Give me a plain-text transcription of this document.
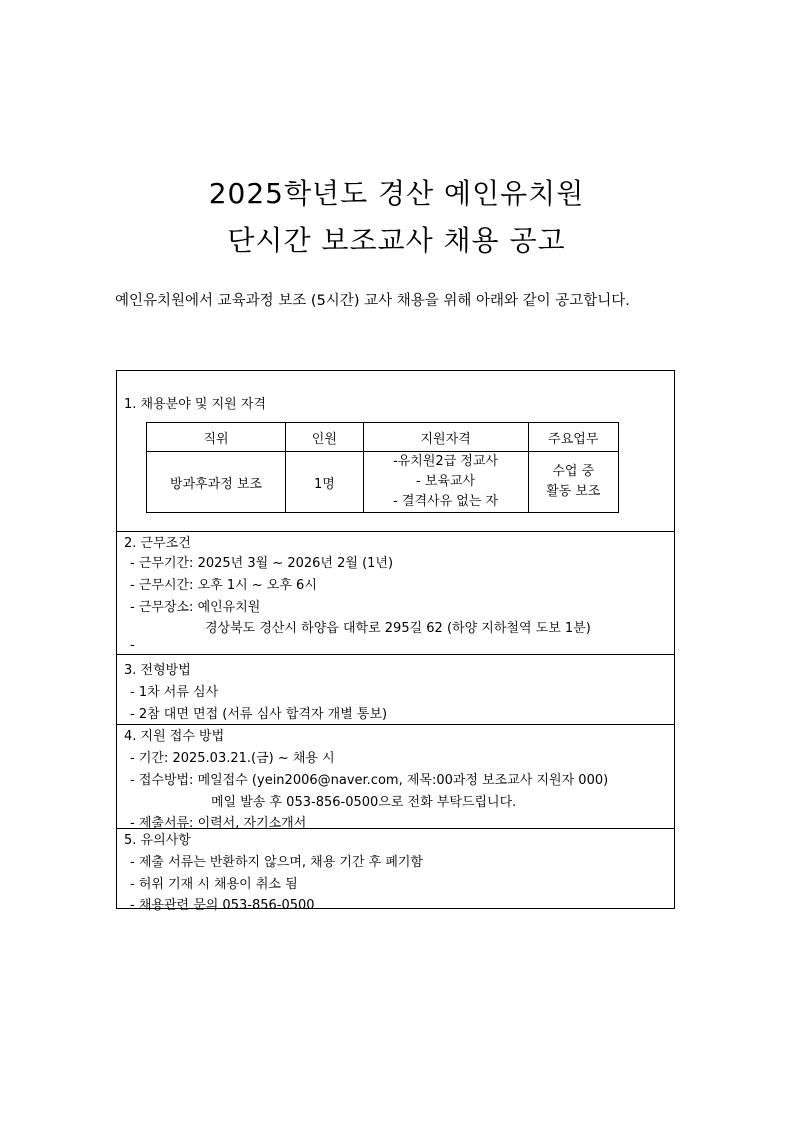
2025학년도 경산 예인유치원
단시간 보조교사 채용 공고
예인유치원에서 교육과정 보조 (5시간) 교사 채용을 위해 아래와 같이 공고합니다.
1. 채용분야 및 지원 자격
직위	인원	지원자격	주요업무
방과후과정 보조	1명	-유치원2급 정교사
- 보육교사
- 결격사유 없는 자	수업 중
활동 보조
2. 근무조건
- 근무기간: 2025년 3월 ~ 2026년 2월 (1년)
- 근무시간: 오후 1시 ~ 오후 6시
- 근무장소: 예인유치원
경상북도 경산시 하양읍 대학로 295길 62 (하양 지하철역 도보 1분)
-
3. 전형방법
- 1차 서류 심사
- 2참 대면 면접 (서류 심사 합격자 개별 통보)
4. 지원 접수 방법
- 기간: 2025.03.21.(금) ~ 채용 시
- 접수방법: 메일접수 (yein2006@naver.com, 제목:00과정 보조교사 지원자 000)
메일 발송 후 053-856-0500으로 전화 부탁드립니다.
- 제출서류: 이력서, 자기소개서
5. 유의사항
- 제출 서류는 반환하지 않으며, 채용 기간 후 폐기함
- 허위 기재 시 채용이 취소 됨
- 채용관련 문의 053-856-0500
